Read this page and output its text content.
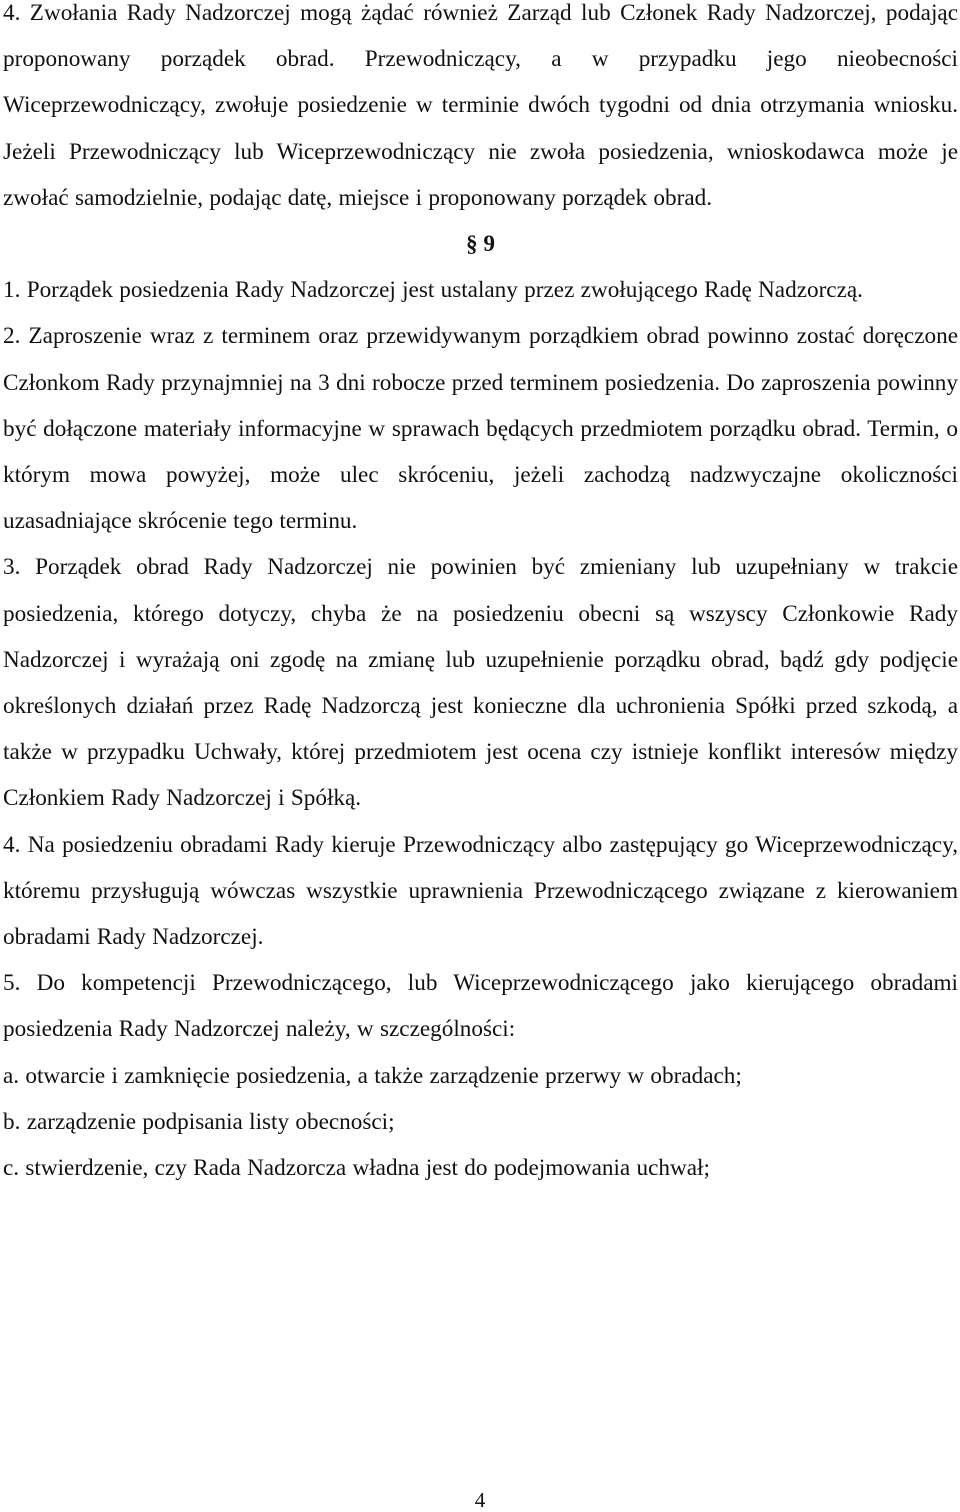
4. Zwołania Rady Nadzorczej mogą żądać również Zarząd lub Członek Rady Nadzorczej, podając proponowany porządek obrad. Przewodniczący, a w przypadku jego nieobecności Wiceprzewodniczący, zwołuje posiedzenie w terminie dwóch tygodni od dnia otrzymania wniosku. Jeżeli Przewodniczący lub Wiceprzewodniczący nie zwoła posiedzenia, wnioskodawca może je zwołać samodzielnie, podając datę, miejsce i proponowany porządek obrad.

§ 9

1. Porządek posiedzenia Rady Nadzorczej jest ustalany przez zwołującego Radę Nadzorczą.

2. Zaproszenie wraz z terminem oraz przewidywanym porządkiem obrad powinno zostać doręczone Członkom Rady przynajmniej na 3 dni robocze przed terminem posiedzenia. Do zaproszenia powinny być dołączone materiały informacyjne w sprawach będących przedmiotem porządku obrad. Termin, o którym mowa powyżej, może ulec skróceniu, jeżeli zachodzą nadzwyczajne okoliczności uzasadniające skrócenie tego terminu.

3. Porządek obrad Rady Nadzorczej nie powinien być zmieniany lub uzupełniany w trakcie posiedzenia, którego dotyczy, chyba że na posiedzeniu obecni są wszyscy Członkowie Rady Nadzorczej i wyrażają oni zgodę na zmianę lub uzupełnienie porządku obrad, bądź gdy podjęcie określonych działań przez Radę Nadzorczą jest konieczne dla uchronienia Spółki przed szkodą, a także w przypadku Uchwały, której przedmiotem jest ocena czy istnieje konflikt interesów między Członkiem Rady Nadzorczej i Spółką.

4. Na posiedzeniu obradami Rady kieruje Przewodniczący albo zastępujący go Wiceprzewodniczący, któremu przysługują wówczas wszystkie uprawnienia Przewodniczącego związane z kierowaniem obradami Rady Nadzorczej.

5. Do kompetencji Przewodniczącego, lub Wiceprzewodniczącego jako kierującego obradami posiedzenia Rady Nadzorczej należy, w szczególności:

a. otwarcie i zamknięcie posiedzenia, a także zarządzenie przerwy w obradach;

b. zarządzenie podpisania listy obecności;

c. stwierdzenie, czy Rada Nadzorcza władna jest do podejmowania uchwał;

4
